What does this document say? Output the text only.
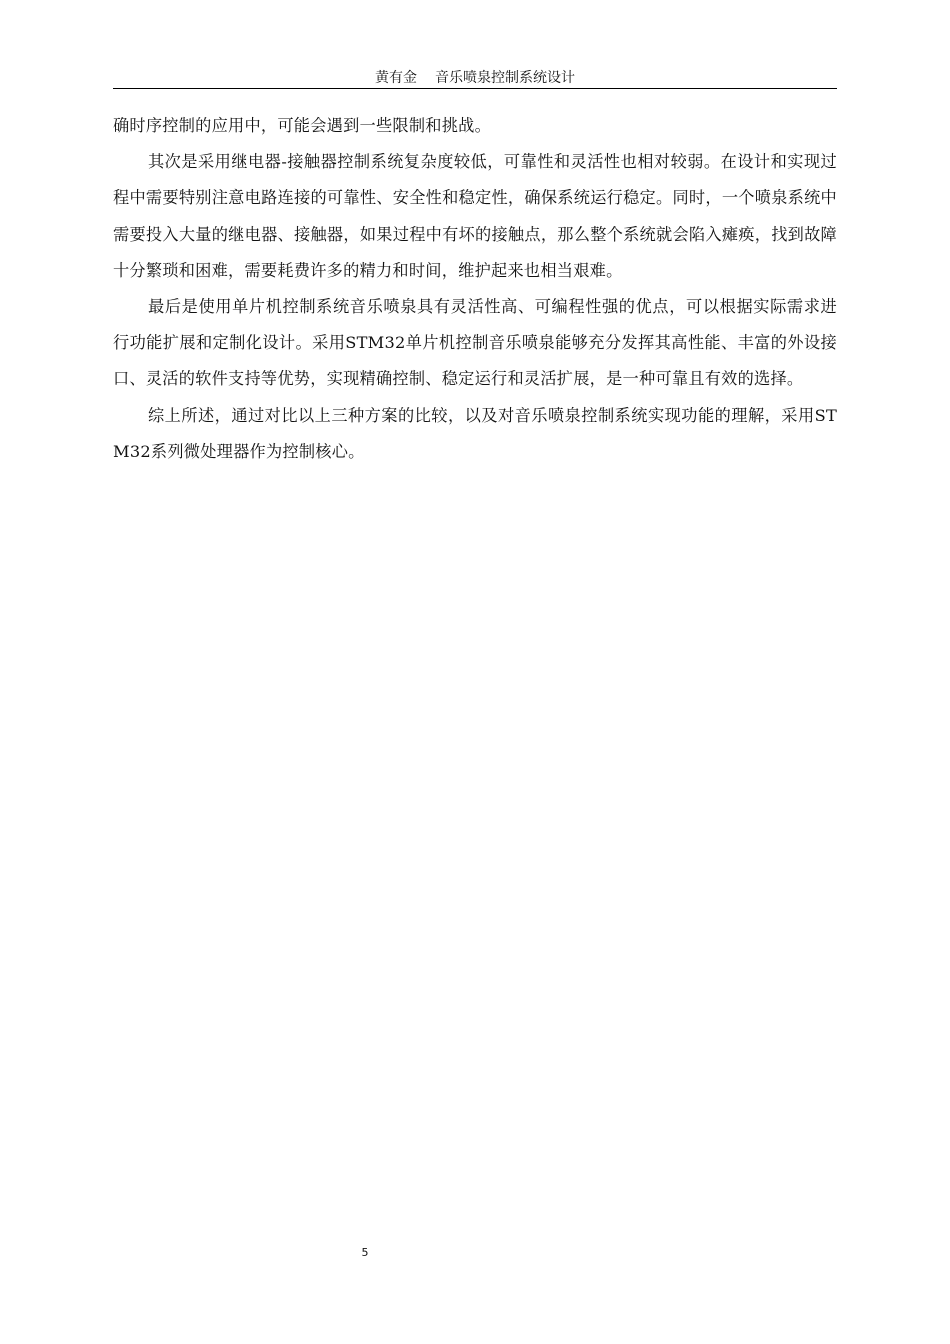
黄有金 音乐喷泉控制系统设计

确时序控制的应用中，可能会遇到一些限制和挑战。

其次是采用继电器-接触器控制系统复杂度较低，可靠性和灵活性也相对较弱。在设计和实现过程中需要特别注意电路连接的可靠性、安全性和稳定性，确保系统运行稳定。同时，一个喷泉系统中需要投入大量的继电器、接触器，如果过程中有坏的接触点，那么整个系统就会陷入瘫痪，找到故障十分繁琐和困难，需要耗费许多的精力和时间，维护起来也相当艰难。

最后是使用单片机控制系统音乐喷泉具有灵活性高、可编程性强的优点，可以根据实际需求进行功能扩展和定制化设计。采用STM32单片机控制音乐喷泉能够充分发挥其高性能、丰富的外设接口、灵活的软件支持等优势，实现精确控制、稳定运行和灵活扩展，是一种可靠且有效的选择。

综上所述，通过对比以上三种方案的比较，以及对音乐喷泉控制系统实现功能的理解，采用STM32系列微处理器作为控制核心。

5
